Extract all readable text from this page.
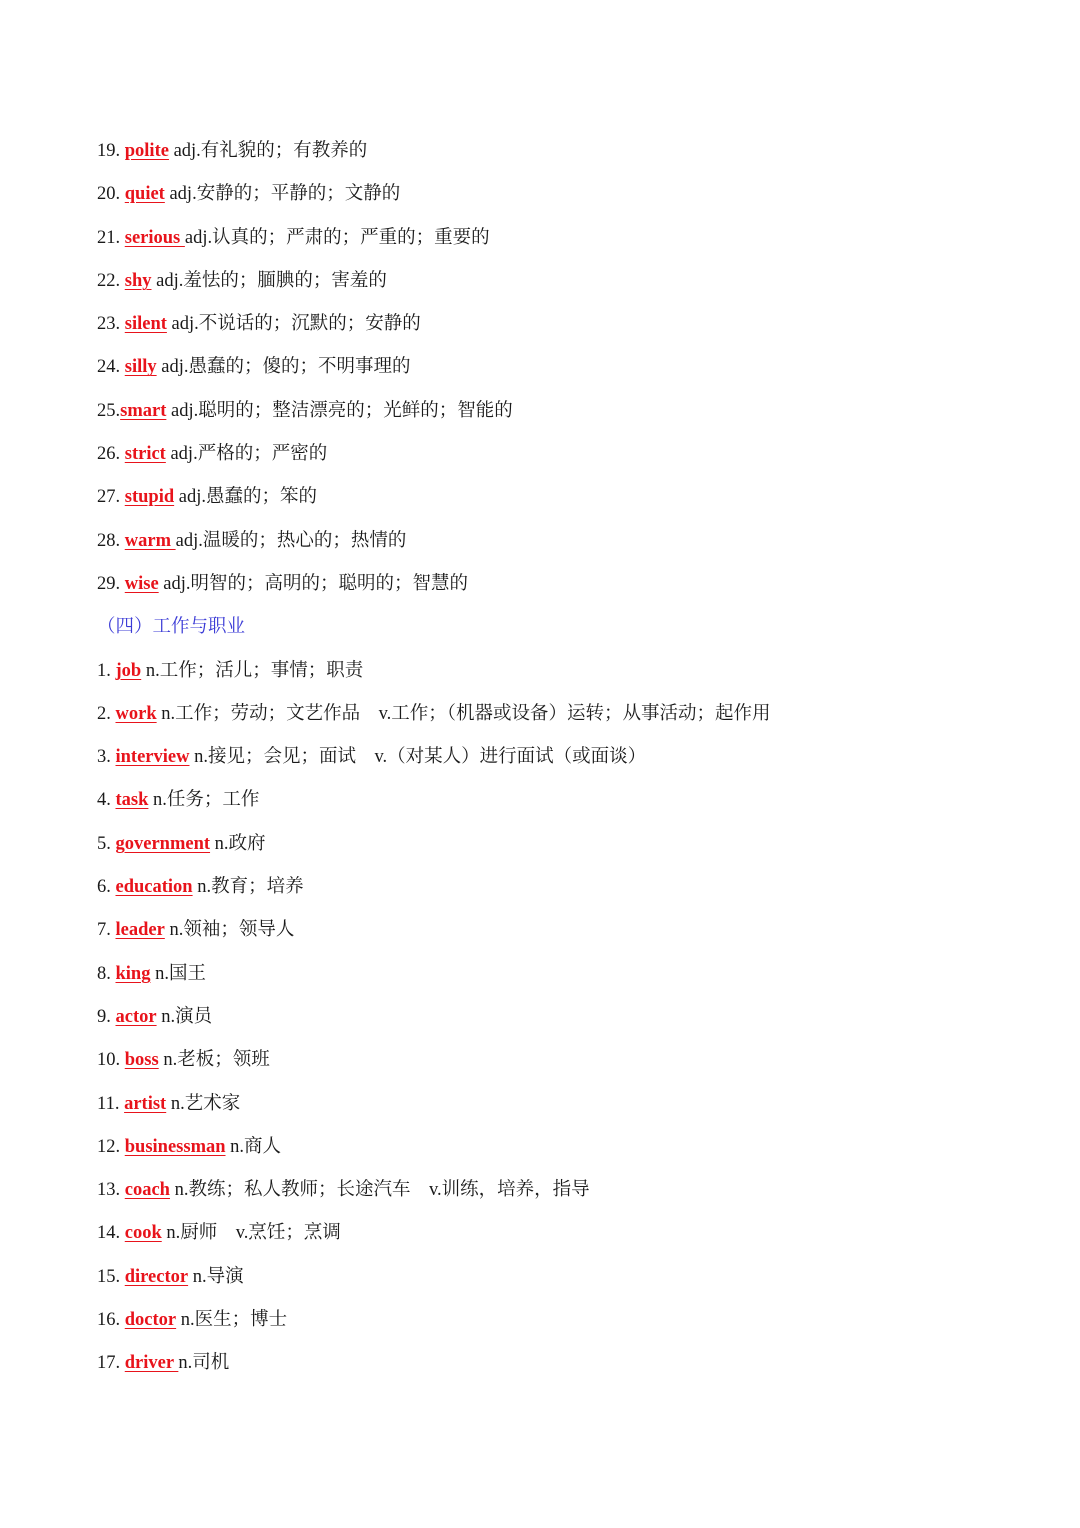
19. polite adj.有礼貌的；有教养的
20. quiet adj.安静的；平静的；文静的
21. serious adj.认真的；严肃的；严重的；重要的
22. shy adj.羞怯的；腼腆的；害羞的
23. silent adj.不说话的；沉默的；安静的
24. silly adj.愚蠢的；傻的；不明事理的
25.smart adj.聪明的；整洁漂亮的；光鲜的；智能的
26. strict adj.严格的；严密的
27. stupid adj.愚蠢的；笨的
28. warm adj.温暖的；热心的；热情的
29. wise adj.明智的；高明的；聪明的；智慧的
（四）工作与职业
1. job n.工作；活儿；事情；职责
2. work n.工作；劳动；文艺作品    v.工作；（机器或设备）运转；从事活动；起作用
3. interview n.接见；会见；面试    v.（对某人）进行面试（或面谈）
4. task n.任务；工作
5. government n.政府
6. education n.教育；培养
7. leader n.领袖；领导人
8. king n.国王
9. actor n.演员
10. boss n.老板；领班
11. artist n.艺术家
12. businessman n.商人
13. coach n.教练；私人教师；长途汽车    v.训练，培养，指导
14. cook n.厨师    v.烹饪；烹调
15. director n.导演
16. doctor n.医生；博士
17. driver n.司机
